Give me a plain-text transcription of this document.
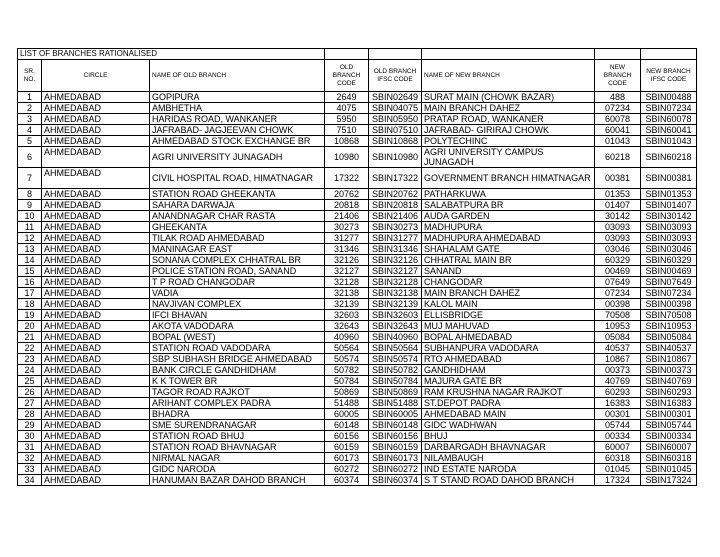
LIST OF BRANCHES RATIONALISED							
SR. NO.	CIRCLE	NAME OF OLD BRANCH	OLD BRANCH CODE	OLD BRANCH IFSC CODE	NAME OF NEW BRANCH	NEW BRANCH CODE	NEW BRANCH IFSC CODE
1	AHMEDABAD	GOPIPURA	2649	SBIN02649	SURAT MAIN (CHOWK BAZAR)	488	SBIN00488
2	AHMEDABAD	AMBHETHA	4075	SBIN04075	MAIN BRANCH DAHEZ	07234	SBIN07234
3	AHMEDABAD	HARIDAS ROAD, WANKANER	5950	SBIN05950	PRATAP ROAD, WANKANER	60078	SBIN60078
4	AHMEDABAD	JAFRABAD- JAGJEEVAN CHOWK	7510	SBIN07510	JAFRABAD- GIRIRAJ CHOWK	60041	SBIN60041
5	AHMEDABAD	AHMEDABAD STOCK EXCHANGE BR	10868	SBIN10868	POLYTECHINC	01043	SBIN01043
6	AHMEDABAD	AGRI UNIVERSITY JUNAGADH	10980	SBIN10980	AGRI UNIVERSITY CAMPUS JUNAGADH	60218	SBIN60218
7	AHMEDABAD	CIVIL HOSPITAL ROAD, HIMATNAGAR	17322	SBIN17322	GOVERNMENT BRANCH HIMATNAGAR	00381	SBIN00381
8	AHMEDABAD	STATION ROAD GHEEKANTA	20762	SBIN20762	PATHARKUWA	01353	SBIN01353
9	AHMEDABAD	SAHARA DARWAJA	20818	SBIN20818	SALABATPURA BR	01407	SBIN01407
10	AHMEDABAD	ANANDNAGAR CHAR RASTA	21406	SBIN21406	AUDA GARDEN	30142	SBIN30142
11	AHMEDABAD	GHEEKANTA	30273	SBIN30273	MADHUPURA	03093	SBIN03093
12	AHMEDABAD	TILAK ROAD AHMEDABAD	31277	SBIN31277	MADHUPURA AHMEDABAD	03093	SBIN03093
13	AHMEDABAD	MANINAGAR EAST	31346	SBIN31346	SHAHALAM GATE	03046	SBIN03046
14	AHMEDABAD	SONANA COMPLEX CHHATRAL BR	32126	SBIN32126	CHHATRAL MAIN BR	60329	SBIN60329
15	AHMEDABAD	POLICE STATION ROAD, SANAND	32127	SBIN32127	SANAND	00469	SBIN00469
16	AHMEDABAD	T P ROAD CHANGODAR	32128	SBIN32128	CHANGODAR	07649	SBIN07649
17	AHMEDABAD	VADIA	32138	SBIN32138	MAIN BRANCH DAHEZ	07234	SBIN07234
18	AHMEDABAD	NAVJIVAN COMPLEX	32139	SBIN32139	KALOL MAIN	00398	SBIN00398
19	AHMEDABAD	IFCI BHAVAN	32603	SBIN32603	ELLISBRIDGE	70508	SBIN70508
20	AHMEDABAD	AKOTA VADODARA	32643	SBIN32643	MUJ MAHUVAD	10953	SBIN10953
21	AHMEDABAD	BOPAL (WEST)	40960	SBIN40960	BOPAL AHMEDABAD	05084	SBIN05084
22	AHMEDABAD	STATION ROAD VADODARA	50564	SBIN50564	SUBHANPURA VADODARA	40537	SBIN40537
23	AHMEDABAD	SBP SUBHASH BRIDGE AHMEDABAD	50574	SBIN50574	RTO AHMEDABAD	10867	SBIN10867
24	AHMEDABAD	BANK CIRCLE GANDHIDHAM	50782	SBIN50782	GANDHIDHAM	00373	SBIN00373
25	AHMEDABAD	K K TOWER BR	50784	SBIN50784	MAJURA GATE BR	40769	SBIN40769
26	AHMEDABAD	TAGOR ROAD RAJKOT	50869	SBIN50869	RAM KRUSHNA NAGAR RAJKOT	60293	SBIN60293
27	AHMEDABAD	ARIHANT COMPLEX PADRA	51488	SBIN51488	ST.DEPOT PADRA	16383	SBIN16383
28	AHMEDABAD	BHADRA	60005	SBIN60005	AHMEDABAD MAIN	00301	SBIN00301
29	AHMEDABAD	SME SURENDRANAGAR	60148	SBIN60148	GIDC WADHWAN	05744	SBIN05744
30	AHMEDABAD	STATION ROAD BHUJ	60156	SBIN60156	BHUJ	00334	SBIN00334
31	AHMEDABAD	STATION ROAD BHAVNAGAR	60159	SBIN60159	DARBARGADH BHAVNAGAR	60007	SBIN60007
32	AHMEDABAD	NIRMAL NAGAR	60173	SBIN60173	NILAMBAUGH	60318	SBIN60318
33	AHMEDABAD	GIDC NARODA	60272	SBIN60272	IND ESTATE NARODA	01045	SBIN01045
34	AHMEDABAD	HANUMAN BAZAR DAHOD BRANCH	60374	SBIN60374	S T STAND ROAD DAHOD BRANCH	17324	SBIN17324
